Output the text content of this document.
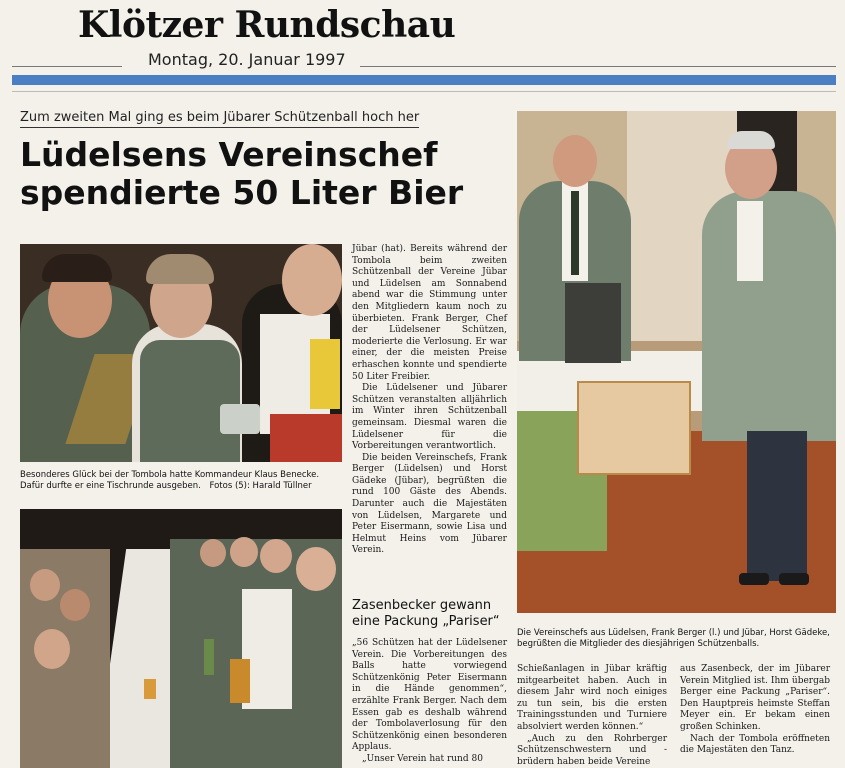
Klötzer Rundschau
Montag, 20. Januar 1997
Zum zweiten Mal ging es beim Jübarer Schützenball hoch her
Lüdelsens Vereinschef spendierte 50 Liter Bier
Besonderes Glück bei der Tombola hatte Kommandeur Klaus Benecke. Dafür durfte er eine Tischrunde ausgeben. Fotos (5): Harald Tüllner

Jübar (hat). Bereits während der Tombola beim zweiten Schützenball der Vereine Jübar und Lüdelsen am Sonnabend abend war die Stimmung unter den Mitgliedern kaum noch zu überbieten. Frank Berger, Chef der Lüdelsener Schützen, moderierte die Verlosung. Er war einer, der die meisten Preise erhaschen konnte und spendierte 50 Liter Freibier.

Die Lüdelsener und Jübarer Schützen veranstalten alljährlich im Winter ihren Schützenball gemeinsam. Diesmal waren die Lüdelsener für die Vorbereitungen verantwortlich.

Die beiden Vereinschefs, Frank Berger (Lüdelsen) und Horst Gädeke (Jübar), begrüßten die rund 100 Gäste des Abends. Darunter auch die Majestäten von Lüdelsen, Margarete und Peter Eisermann, sowie Lisa und Helmut Heins vom Jübarer Verein.

Zasenbecker gewann eine Packung „Pariser“

„56 Schützen hat der Lüdelsener Verein. Die Vorbereitungen des Balls hatte vorwiegend Schützenkönig Peter Eisermann in die Hände genommen“, erzählte Frank Berger. Nach dem Essen gab es deshalb während der Tombolaverlosung für den Schützenkönig einen besonderen Applaus.

„Unser Verein hat rund 80

Die Vereinschefs aus Lüdelsen, Frank Berger (l.) und Jübar, Horst Gädeke, begrüßten die Mitglieder des diesjährigen Schützenballs.

Schießanlagen in Jübar kräftig mitgearbeitet haben. Auch in diesem Jahr wird noch einiges zu tun sein, bis die ersten Trainingsstunden und Turniere absolviert werden können.“

„Auch zu den Rohrberger Schützenschwestern und -brüdern haben beide Vereine

aus Zasenbeck, der im Jübarer Verein Mitglied ist. Ihm übergab Berger eine Packung „Pariser“. Den Hauptpreis heimste Steffan Meyer ein. Er bekam einen großen Schinken.

Nach der Tombola eröffneten die Majestäten den Tanz.
